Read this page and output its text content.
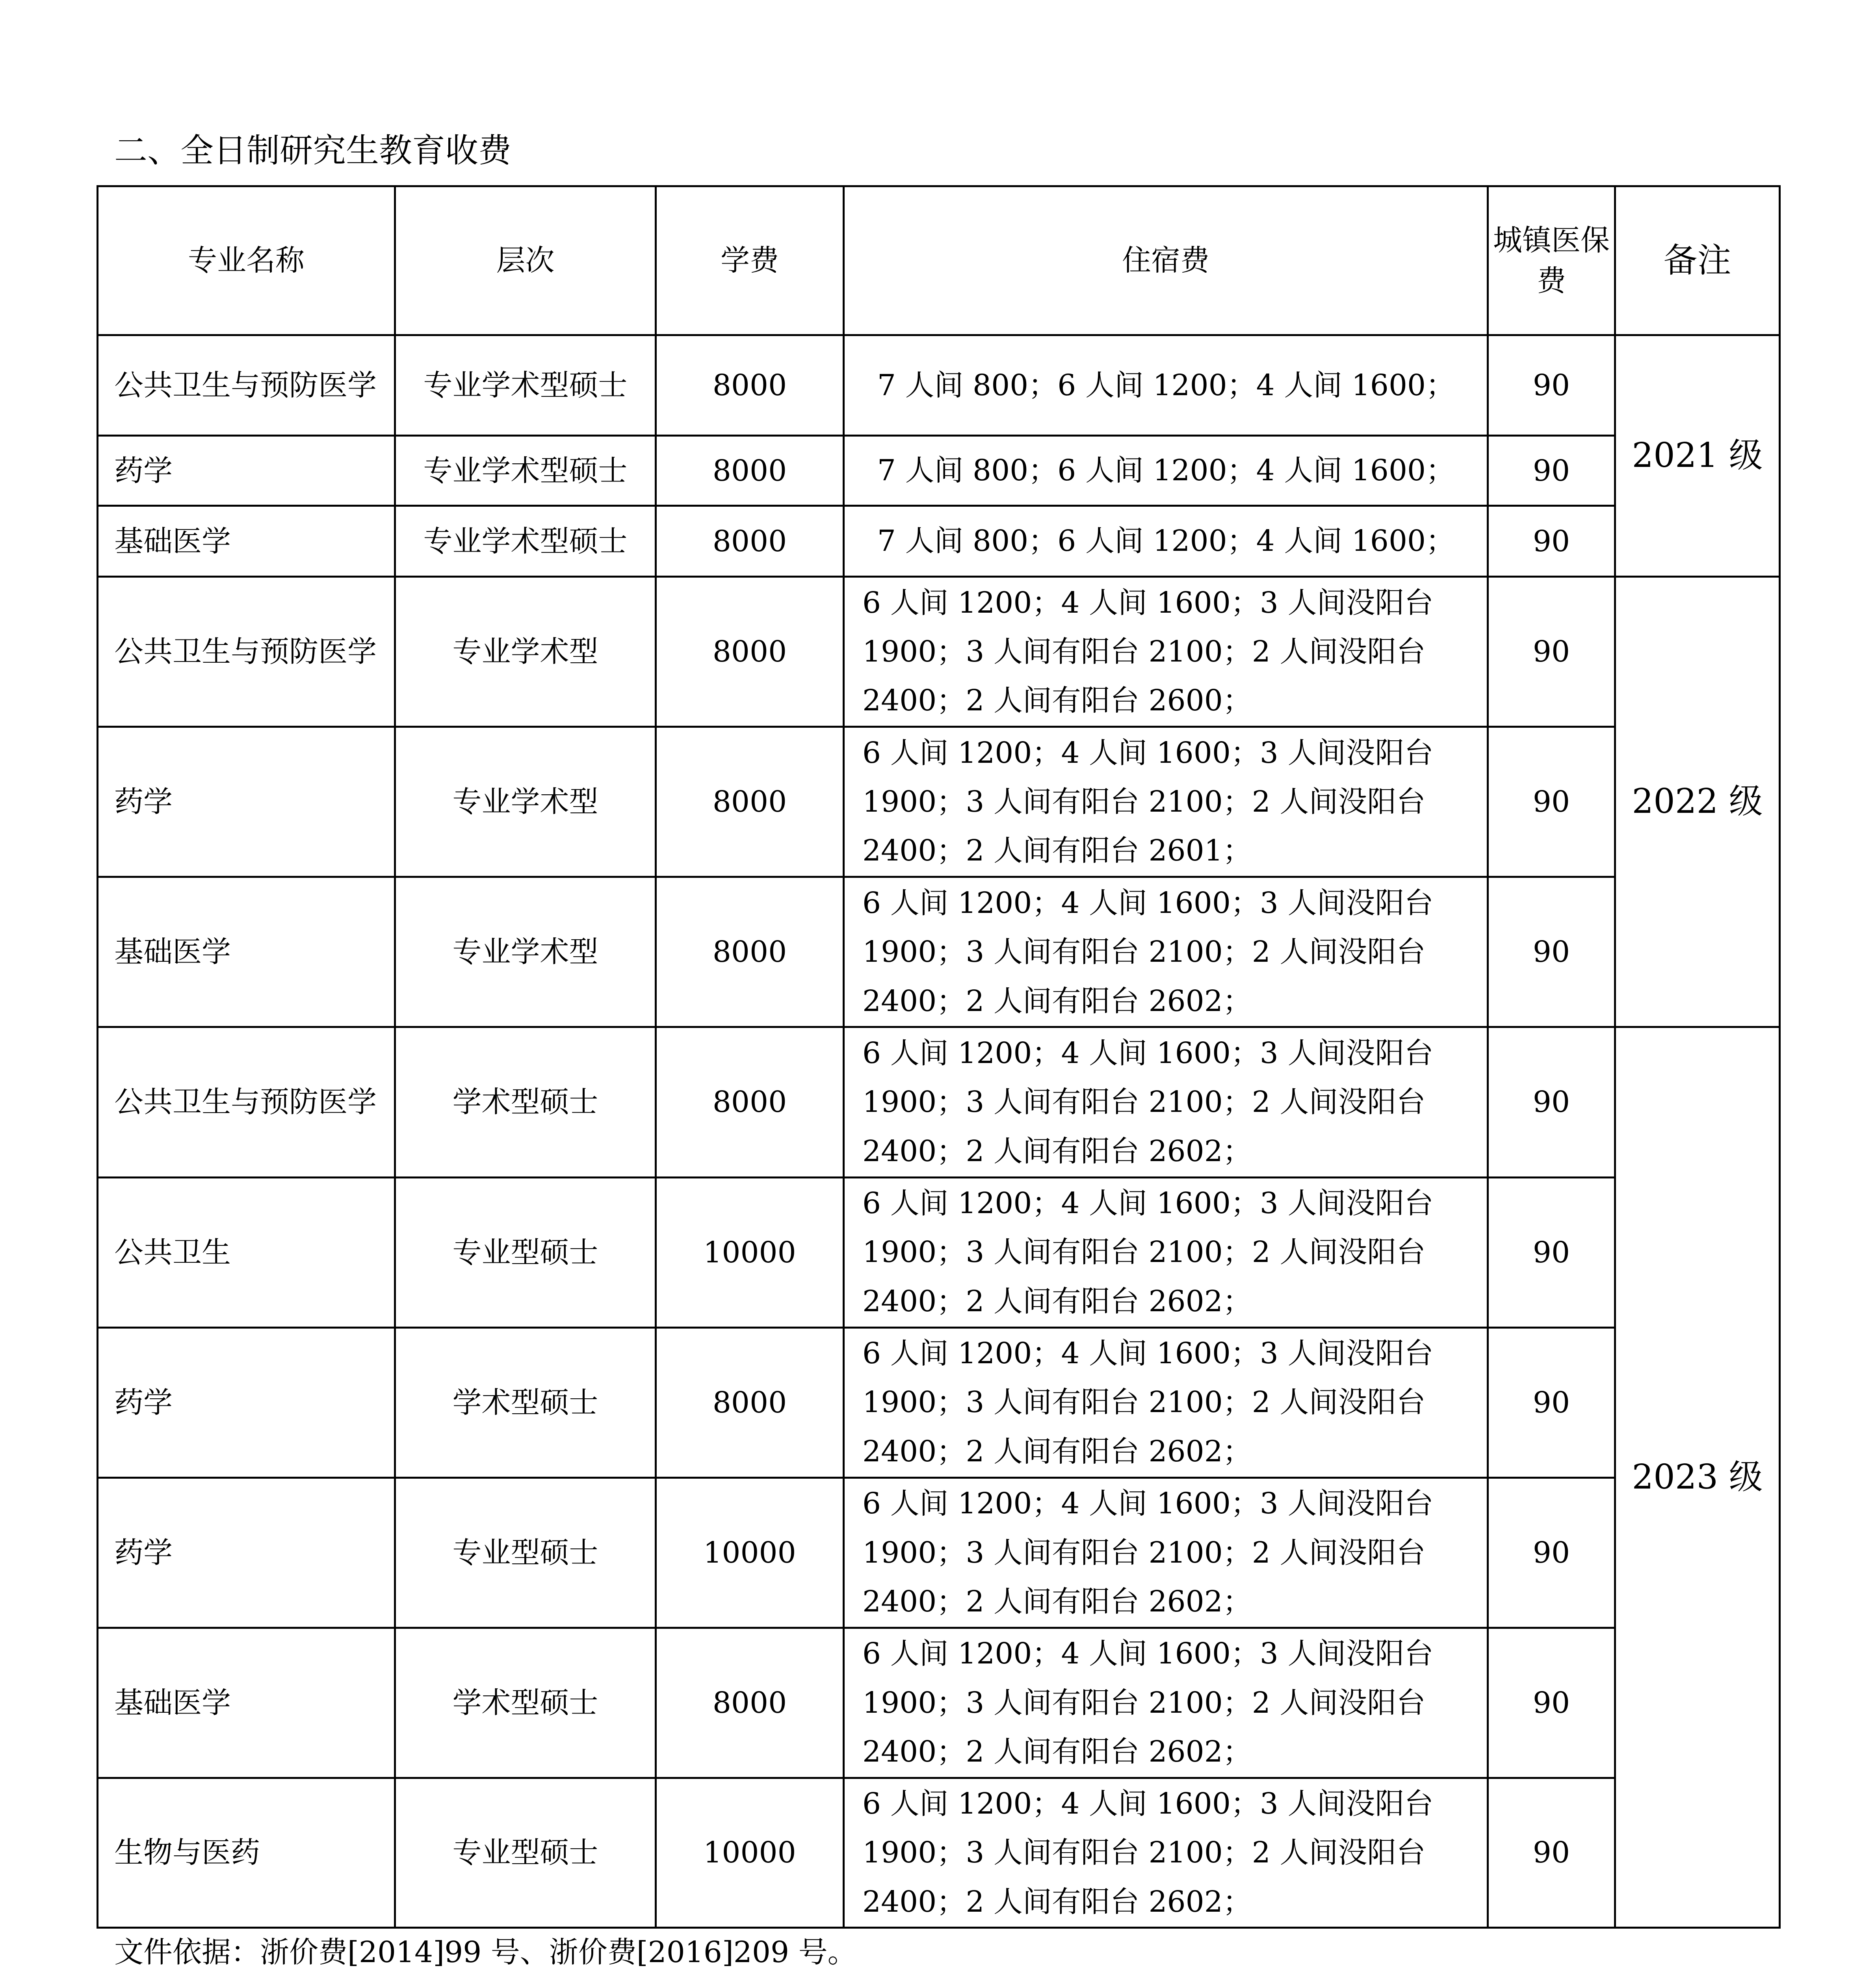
二、全日制研究生教育收费
专业名称	层次	学费	住宿费	城镇医保费	备注
公共卫生与预防医学	专业学术型硕士	8000	7 人间 800；6 人间 1200；4 人间 1600；	90	2021 级
药学	专业学术型硕士	8000	7 人间 800；6 人间 1200；4 人间 1600；	90	
基础医学	专业学术型硕士	8000	7 人间 800；6 人间 1200；4 人间 1600；	90	
公共卫生与预防医学	专业学术型	8000	6 人间 1200；4 人间 1600；3 人间没阳台 1900；3 人间有阳台 2100；2 人间没阳台 2400；2 人间有阳台 2600；	90	2022 级
药学	专业学术型	8000	6 人间 1200；4 人间 1600；3 人间没阳台 1900；3 人间有阳台 2100；2 人间没阳台 2400；2 人间有阳台 2601；	90	
基础医学	专业学术型	8000	6 人间 1200；4 人间 1600；3 人间没阳台 1900；3 人间有阳台 2100；2 人间没阳台 2400；2 人间有阳台 2602；	90	
公共卫生与预防医学	学术型硕士	8000	6 人间 1200；4 人间 1600；3 人间没阳台 1900；3 人间有阳台 2100；2 人间没阳台 2400；2 人间有阳台 2602；	90	2023 级
公共卫生	专业型硕士	10000	6 人间 1200；4 人间 1600；3 人间没阳台 1900；3 人间有阳台 2100；2 人间没阳台 2400；2 人间有阳台 2602；	90	
药学	学术型硕士	8000	6 人间 1200；4 人间 1600；3 人间没阳台 1900；3 人间有阳台 2100；2 人间没阳台 2400；2 人间有阳台 2602；	90	
药学	专业型硕士	10000	6 人间 1200；4 人间 1600；3 人间没阳台 1900；3 人间有阳台 2100；2 人间没阳台 2400；2 人间有阳台 2602；	90	
基础医学	学术型硕士	8000	6 人间 1200；4 人间 1600；3 人间没阳台 1900；3 人间有阳台 2100；2 人间没阳台 2400；2 人间有阳台 2602；	90	
生物与医药	专业型硕士	10000	6 人间 1200；4 人间 1600；3 人间没阳台 1900；3 人间有阳台 2100；2 人间没阳台 2400；2 人间有阳台 2602；	90	
文件依据：浙价费[2014]99 号、浙价费[2016]209 号。
